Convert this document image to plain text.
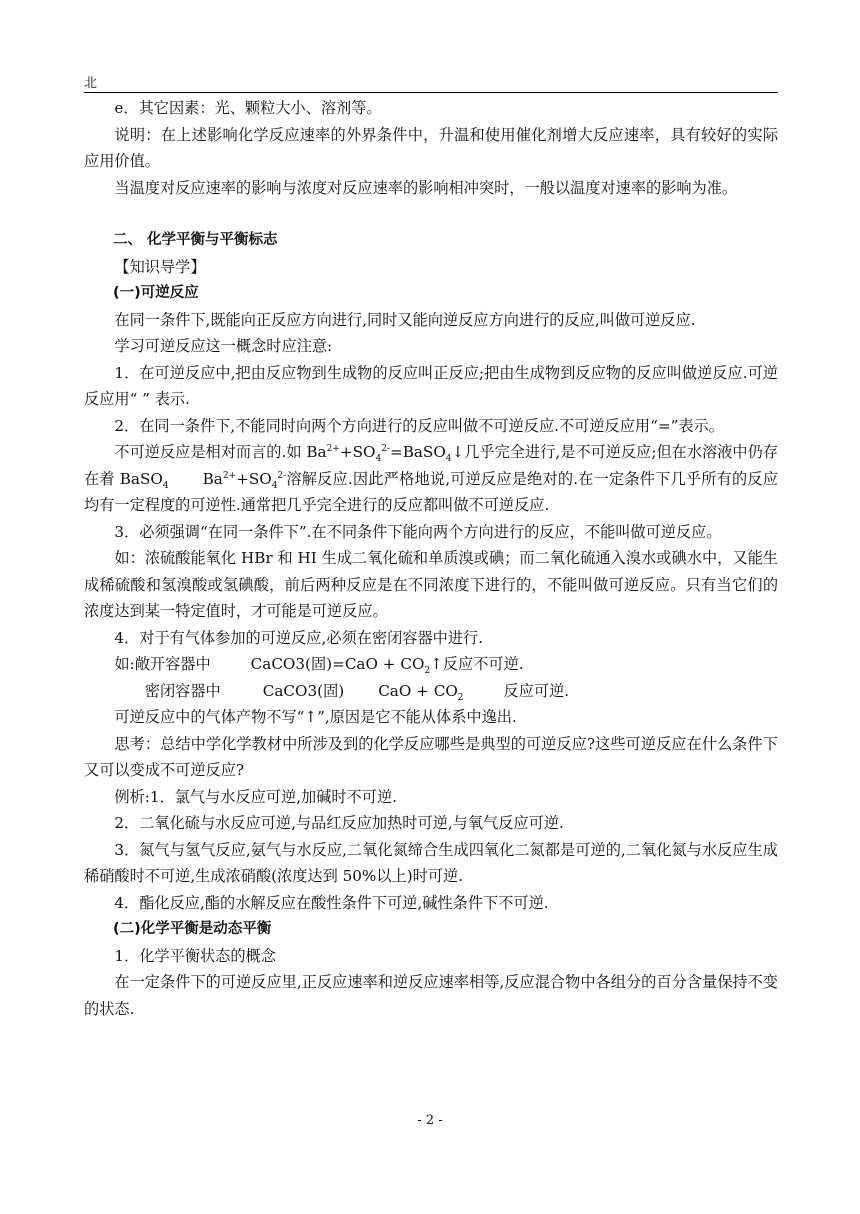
北

e．其它因素：光、颗粒大小、溶剂等。

说明：在上述影响化学反应速率的外界条件中，升温和使用催化剂增大反应速率，具有较好的实际应用价值。

当温度对反应速率的影响与浓度对反应速率的影响相冲突时，一般以温度对速率的影响为准。

二、 化学平衡与平衡标志

【知识导学】

(一)可逆反应

在同一条件下,既能向正反应方向进行,同时又能向逆反应方向进行的反应,叫做可逆反应.

学习可逆反应这一概念时应注意:

1．在可逆反应中,把由反应物到生成物的反应叫正反应;把由生成物到反应物的反应叫做逆反应.可逆反应用“ ” 表示.

2．在同一条件下,不能同时向两个方向进行的反应叫做不可逆反应.不可逆反应用“=”表示。

不可逆反应是相对而言的.如 $Ba^{2+}+SO_4^{2-}=BaSO_4↓$几乎完全进行,是不可逆反应;但在水溶液中仍存在着 BaSO$_4$ $Ba^{2+}+SO_4^{2-}$溶解反应.因此严格地说,可逆反应是绝对的.在一定条件下几乎所有的反应均有一定程度的可逆性.通常把几乎完全进行的反应都叫做不可逆反应.

3．必须强调“在同一条件下”.在不同条件下能向两个方向进行的反应，不能叫做可逆反应。

如：浓硫酸能氧化 HBr 和 HI 生成二氧化硫和单质溴或碘；而二氧化硫通入溴水或碘水中，又能生成稀硫酸和氢溴酸或氢碘酸，前后两种反应是在不同浓度下进行的，不能叫做可逆反应。只有当它们的浓度达到某一特定值时，才可能是可逆反应。

4．对于有气体参加的可逆反应,必须在密闭容器中进行.

如:敞开容器中	CaCO3(固)$=CaO + CO_2↑$反应不可逆.

密闭容器中	CaCO3(固) CaO + $CO_2$	反应可逆.

可逆反应中的气体产物不写“↑”,原因是它不能从体系中逸出.

思考：总结中学化学教材中所涉及到的化学反应哪些是典型的可逆反应?这些可逆反应在什么条件下又可以变成不可逆反应?

例析:1．氯气与水反应可逆,加碱时不可逆.

2．二氧化硫与水反应可逆,与品红反应加热时可逆,与氧气反应可逆.

3．氮气与氢气反应,氨气与水反应,二氧化氮缔合生成四氧化二氮都是可逆的,二氧化氮与水反应生成稀硝酸时不可逆,生成浓硝酸(浓度达到 50%以上)时可逆.

4．酯化反应,酯的水解反应在酸性条件下可逆,碱性条件下不可逆.

(二)化学平衡是动态平衡

1．化学平衡状态的概念

在一定条件下的可逆反应里,正反应速率和逆反应速率相等,反应混合物中各组分的百分含量保持不变的状态.

- 2 -
